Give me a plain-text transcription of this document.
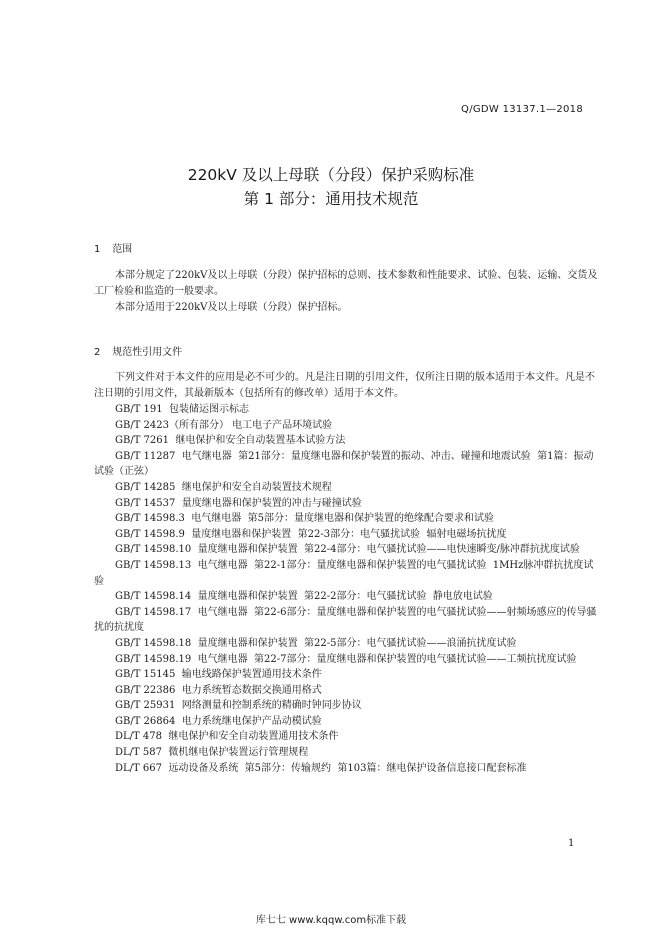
Q/GDW 13137.1—2018
220kV 及以上母联（分段）保护采购标准
第 1 部分：通用技术规范
1 范围

本部分规定了220kV及以上母联（分段）保护招标的总则、技术参数和性能要求、试验、包装、运输、交货及工厂检验和监造的一般要求。

本部分适用于220kV及以上母联（分段）保护招标。

2 规范性引用文件

下列文件对于本文件的应用是必不可少的。凡是注日期的引用文件，仅所注日期的版本适用于本文件。凡是不注日期的引用文件，其最新版本（包括所有的修改单）适用于本文件。

GB/T 191  包装储运图示标志

GB/T 2423（所有部分） 电工电子产品环境试验

GB/T 7261  继电保护和安全自动装置基本试验方法

GB/T 11287  电气继电器  第21部分：量度继电器和保护装置的振动、冲击、碰撞和地震试验  第1篇：振动试验（正弦）

GB/T 14285  继电保护和安全自动装置技术规程

GB/T 14537  量度继电器和保护装置的冲击与碰撞试验

GB/T 14598.3  电气继电器  第5部分：量度继电器和保护装置的绝缘配合要求和试验

GB/T 14598.9  量度继电器和保护装置  第22-3部分：电气骚扰试验  辐射电磁场抗扰度

GB/T 14598.10  量度继电器和保护装置  第22-4部分：电气骚扰试验——电快速瞬变/脉冲群抗扰度试验

GB/T 14598.13  电气继电器  第22-1部分：量度继电器和保护装置的电气骚扰试验  1MHz脉冲群抗扰度试验

GB/T 14598.14  量度继电器和保护装置  第22-2部分：电气骚扰试验  静电放电试验

GB/T 14598.17  电气继电器  第22-6部分：量度继电器和保护装置的电气骚扰试验——射频场感应的传导骚扰的抗扰度

GB/T 14598.18  量度继电器和保护装置  第22-5部分：电气骚扰试验——浪涌抗扰度试验

GB/T 14598.19  电气继电器  第22-7部分：量度继电器和保护装置的电气骚扰试验——工频抗扰度试验

GB/T 15145  输电线路保护装置通用技术条件

GB/T 22386  电力系统暂态数据交换通用格式

GB/T 25931  网络测量和控制系统的精确时钟同步协议

GB/T 26864  电力系统继电保护产品动模试验

DL/T 478  继电保护和安全自动装置通用技术条件

DL/T 587  微机继电保护装置运行管理规程

DL/T 667  远动设备及系统  第5部分：传输规约  第103篇：继电保护设备信息接口配套标准

1
库七七 www.kqqw.com标准下载
